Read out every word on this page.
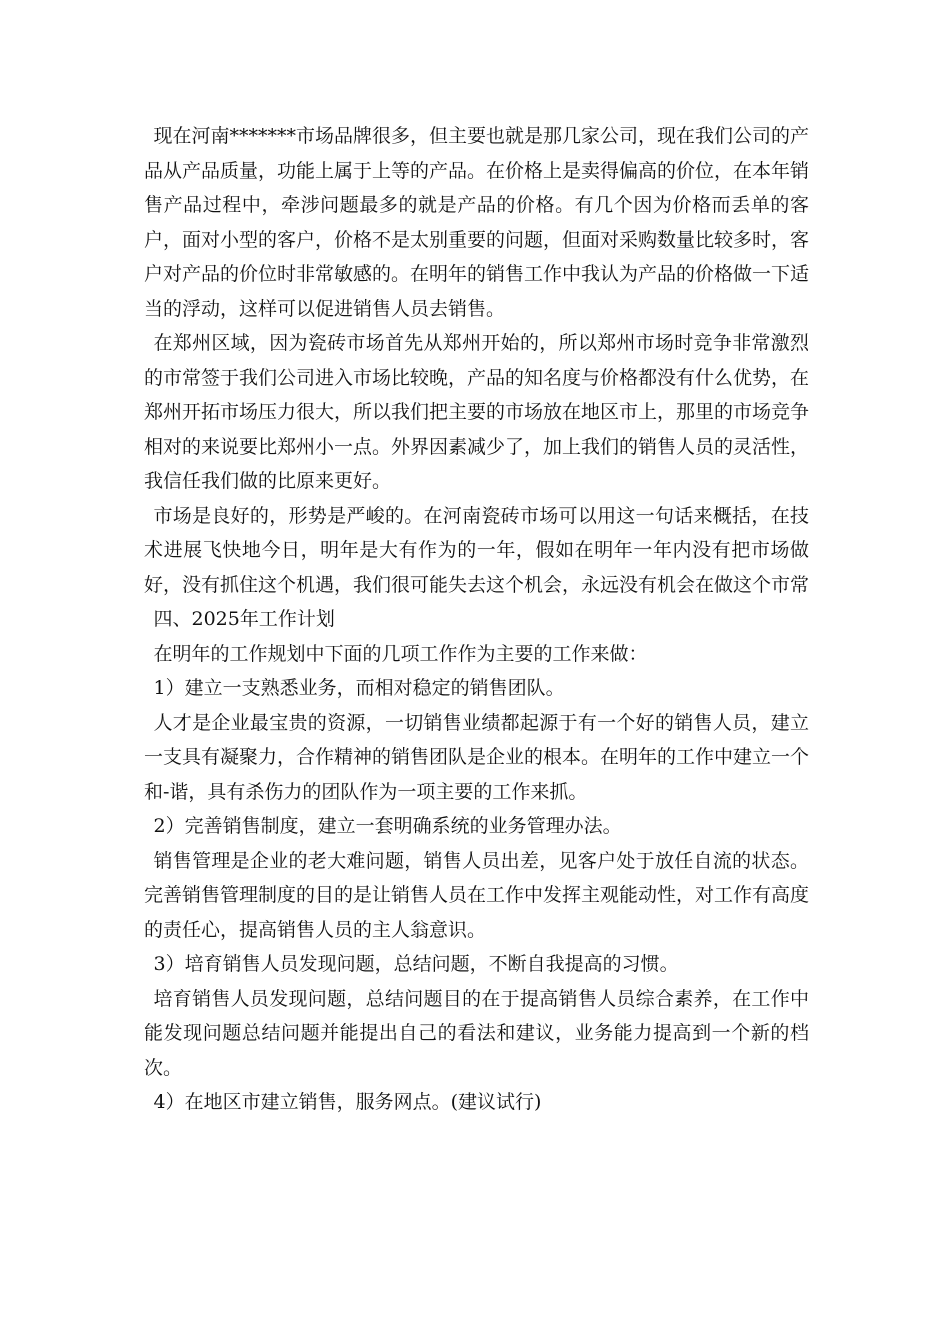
现在河南*******市场品牌很多，但主要也就是那几家公司，现在我们公司的产品从产品质量，功能上属于上等的产品。在价格上是卖得偏高的价位，在本年销售产品过程中，牵涉问题最多的就是产品的价格。有几个因为价格而丢单的客户，面对小型的客户，价格不是太别重要的问题，但面对采购数量比较多时，客户对产品的价位时非常敏感的。在明年的销售工作中我认为产品的价格做一下适当的浮动，这样可以促进销售人员去销售。

在郑州区域，因为瓷砖市场首先从郑州开始的，所以郑州市场时竞争非常激烈的市常签于我们公司进入市场比较晚，产品的知名度与价格都没有什么优势，在郑州开拓市场压力很大，所以我们把主要的市场放在地区市上，那里的市场竞争相对的来说要比郑州小一点。外界因素减少了，加上我们的销售人员的灵活性，我信任我们做的比原来更好。

市场是良好的，形势是严峻的。在河南瓷砖市场可以用这一句话来概括，在技术进展飞快地今日，明年是大有作为的一年，假如在明年一年内没有把市场做好，没有抓住这个机遇，我们很可能失去这个机会，永远没有机会在做这个市常

四、2025年工作计划

在明年的工作规划中下面的几项工作作为主要的工作来做：

1）建立一支熟悉业务，而相对稳定的销售团队。

人才是企业最宝贵的资源，一切销售业绩都起源于有一个好的销售人员，建立一支具有凝聚力，合作精神的销售团队是企业的根本。在明年的工作中建立一个和-谐，具有杀伤力的团队作为一项主要的工作来抓。

2）完善销售制度，建立一套明确系统的业务管理办法。

销售管理是企业的老大难问题，销售人员出差，见客户处于放任自流的状态。完善销售管理制度的目的是让销售人员在工作中发挥主观能动性，对工作有高度的责任心，提高销售人员的主人翁意识。

3）培育销售人员发现问题，总结问题，不断自我提高的习惯。

培育销售人员发现问题，总结问题目的在于提高销售人员综合素养，在工作中能发现问题总结问题并能提出自己的看法和建议，业务能力提高到一个新的档次。

4）在地区市建立销售，服务网点。(建议试行)
